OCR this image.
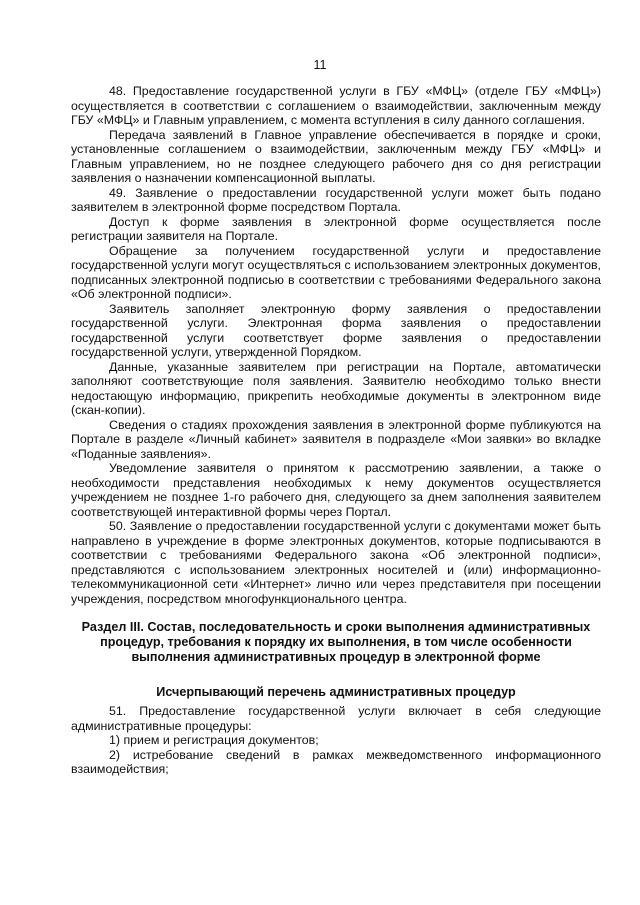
11

48. Предоставление государственной услуги в ГБУ «МФЦ» (отделе ГБУ «МФЦ») осуществляется в соответствии с соглашением о взаимодействии, заключенным между ГБУ «МФЦ» и Главным управлением, с момента вступления в силу данного соглашения.

Передача заявлений в Главное управление обеспечивается в порядке и сроки, установленные соглашением о взаимодействии, заключенным между ГБУ «МФЦ» и Главным управлением, но не позднее следующего рабочего дня со дня регистрации заявления о назначении компенсационной выплаты.

49. Заявление о предоставлении государственной услуги может быть подано заявителем в электронной форме посредством Портала.

Доступ к форме заявления в электронной форме осуществляется после регистрации заявителя на Портале.

Обращение за получением государственной услуги и предоставление государственной услуги могут осуществляться с использованием электронных документов, подписанных электронной подписью в соответствии с требованиями Федерального закона «Об электронной подписи».

Заявитель заполняет электронную форму заявления о предоставлении государственной услуги. Электронная форма заявления о предоставлении государственной услуги соответствует форме заявления о предоставлении государственной услуги, утвержденной Порядком.

Данные, указанные заявителем при регистрации на Портале, автоматически заполняют соответствующие поля заявления. Заявителю необходимо только внести недостающую информацию, прикрепить необходимые документы в электронном виде (скан-копии).

Сведения о стадиях прохождения заявления в электронной форме публикуются на Портале в разделе «Личный кабинет» заявителя в подразделе «Мои заявки» во вкладке «Поданные заявления».

Уведомление заявителя о принятом к рассмотрению заявлении, а также о необходимости представления необходимых к нему документов осуществляется учреждением не позднее 1-го рабочего дня, следующего за днем заполнения заявителем соответствующей интерактивной формы через Портал.

50. Заявление о предоставлении государственной услуги с документами может быть направлено в учреждение в форме электронных документов, которые подписываются в соответствии с требованиями Федерального закона «Об электронной подписи», представляются с использованием электронных носителей и (или) информационно-телекоммуникационной сети «Интернет» лично или через представителя при посещении учреждения, посредством многофункционального центра.

Раздел III. Состав, последовательность и сроки выполнения административных процедур, требования к порядку их выполнения, в том числе особенности выполнения административных процедур в электронной форме
Исчерпывающий перечень административных процедур

51. Предоставление государственной услуги включает в себя следующие административные процедуры:

1) прием и регистрация документов;

2) истребование сведений в рамках межведомственного информационного взаимодействия;
